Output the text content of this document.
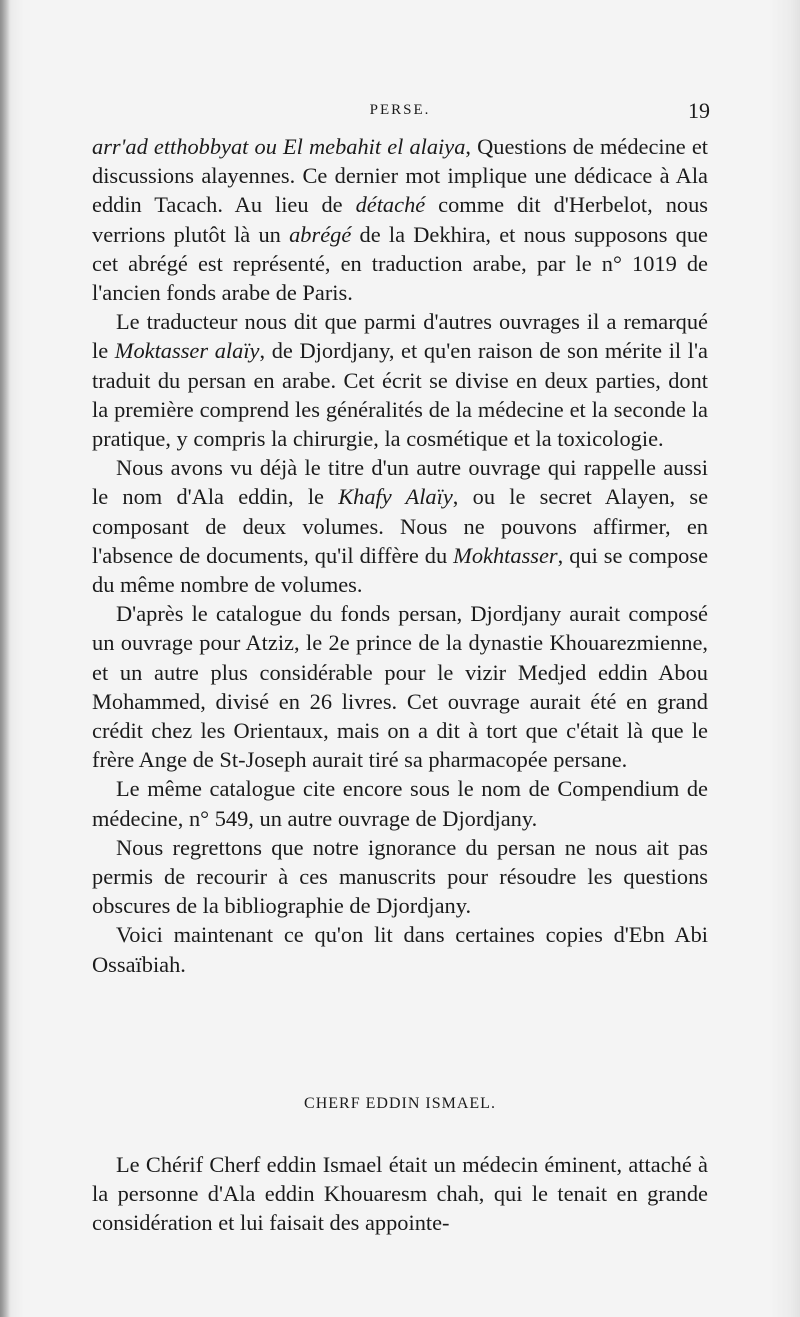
PERSE.	19

arr'ad etthobbyat ou El mebahit el alaiya, Questions de médecine et discussions alayennes. Ce dernier mot implique une dédicace à Ala eddin Tacach. Au lieu de détaché comme dit d'Herbelot, nous verrions plutôt là un abrégé de la Dekhira, et nous supposons que cet abrégé est représenté, en traduction arabe, par le n° 1019 de l'ancien fonds arabe de Paris.

Le traducteur nous dit que parmi d'autres ouvrages il a remarqué le Moktasser alaïy, de Djordjany, et qu'en raison de son mérite il l'a traduit du persan en arabe. Cet écrit se divise en deux parties, dont la première comprend les généralités de la médecine et la seconde la pratique, y compris la chirurgie, la cosmétique et la toxicologie.

Nous avons vu déjà le titre d'un autre ouvrage qui rappelle aussi le nom d'Ala eddin, le Khafy Alaïy, ou le secret Alayen, se composant de deux volumes. Nous ne pouvons affirmer, en l'absence de documents, qu'il diffère du Mokhtasser, qui se compose du même nombre de volumes.

D'après le catalogue du fonds persan, Djordjany aurait composé un ouvrage pour Atziz, le 2e prince de la dynastie Khouarezmienne, et un autre plus considérable pour le vizir Medjed eddin Abou Mohammed, divisé en 26 livres. Cet ouvrage aurait été en grand crédit chez les Orientaux, mais on a dit à tort que c'était là que le frère Ange de St-Joseph aurait tiré sa pharmacopée persane.

Le même catalogue cite encore sous le nom de Compendium de médecine, n° 549, un autre ouvrage de Djordjany.

Nous regrettons que notre ignorance du persan ne nous ait pas permis de recourir à ces manuscrits pour résoudre les questions obscures de la bibliographie de Djordjany.

Voici maintenant ce qu'on lit dans certaines copies d'Ebn Abi Ossaïbiah.

CHERF EDDIN ISMAEL.

Le Chérif Cherf eddin Ismael était un médecin éminent, attaché à la personne d'Ala eddin Khouaresm chah, qui le tenait en grande considération et lui faisait des appointe-
